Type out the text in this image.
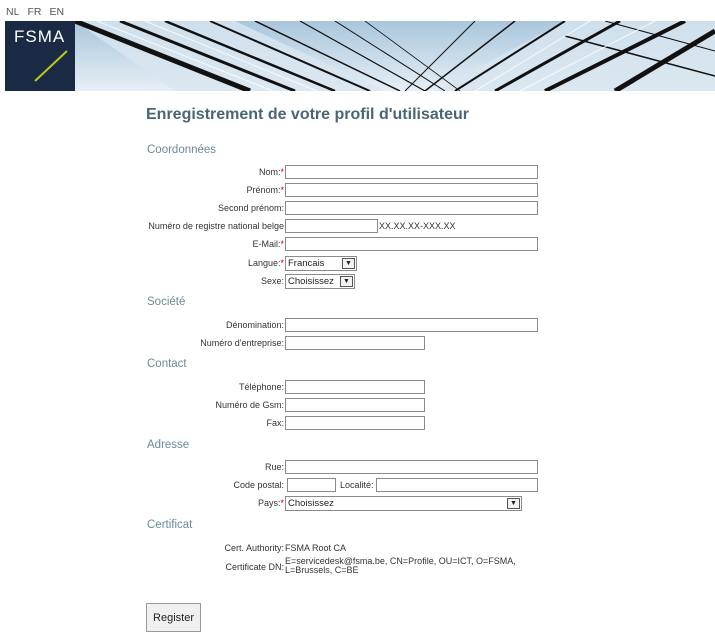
NL FR EN
FSMA
Enregistrement de votre profil d'utilisateur
Coordonnées
Nom:*
Prénom:*
Second prénom:
Numéro de registre national belge	XX.XX.XX-XXX.XX
E-Mail:*
Langue:* Francais	▼
Sexe: Choisissez	▼
Société
Dénomination:
Numéro d'entreprise:
Contact
Téléphone:
Numéro de Gsm:
Fax:
Adresse
Rue:
Code postal:	Localité:
Pays:* Choisissez	▼
Certificat
Cert. Authority: FSMA Root CA
Certificate DN:
E=servicedesk@fsma.be, CN=Profile, OU=ICT, O=FSMA,
L=Brussels, C=BE
Register
